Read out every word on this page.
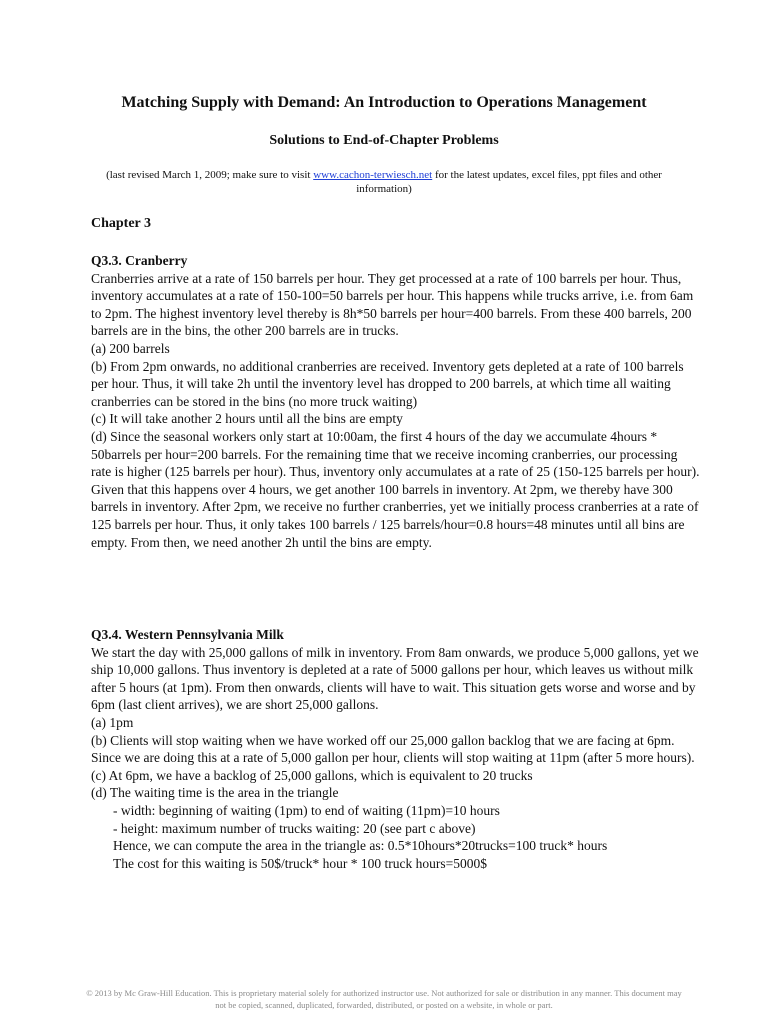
Matching Supply with Demand: An Introduction to Operations Management
Solutions to End-of-Chapter Problems
(last revised March 1, 2009; make sure to visit www.cachon-terwiesch.net for the latest updates, excel files, ppt files and other information)
Chapter 3
Q3.3. Cranberry

Cranberries arrive at a rate of 150 barrels per hour. They get processed at a rate of 100 barrels per hour. Thus, inventory accumulates at a rate of 150-100=50 barrels per hour. This happens while trucks arrive, i.e. from 6am to 2pm. The highest inventory level thereby is 8h*50 barrels per hour=400 barrels. From these 400 barrels, 200 barrels are in the bins, the other 200 barrels are in trucks.

(a) 200 barrels

(b) From 2pm onwards, no additional cranberries are received. Inventory gets depleted at a rate of 100 barrels per hour. Thus, it will take 2h until the inventory level has dropped to 200 barrels, at which time all waiting cranberries can be stored in the bins (no more truck waiting)

(c) It will take another 2 hours until all the bins are empty

(d) Since the seasonal workers only start at 10:00am, the first 4 hours of the day we accumulate 4hours * 50barrels per hour=200 barrels. For the remaining time that we receive incoming cranberries, our processing rate is higher (125 barrels per hour). Thus, inventory only accumulates at a rate of 25 (150-125 barrels per hour). Given that this happens over 4 hours, we get another 100 barrels in inventory. At 2pm, we thereby have 300 barrels in inventory. After 2pm, we receive no further cranberries, yet we initially process cranberries at a rate of 125 barrels per hour. Thus, it only takes 100 barrels / 125 barrels/hour=0.8 hours=48 minutes until all bins are empty. From then, we need another 2h until the bins are empty.

Q3.4. Western Pennsylvania Milk

We start the day with 25,000 gallons of milk in inventory. From 8am onwards, we produce 5,000 gallons, yet we ship 10,000 gallons. Thus inventory is depleted at a rate of 5000 gallons per hour, which leaves us without milk after 5 hours (at 1pm). From then onwards, clients will have to wait. This situation gets worse and worse and by 6pm (last client arrives), we are short 25,000 gallons.

(a) 1pm

(b) Clients will stop waiting when we have worked off our 25,000 gallon backlog that we are facing at 6pm. Since we are doing this at a rate of 5,000 gallon per hour, clients will stop waiting at 11pm (after 5 more hours).

(c) At 6pm, we have a backlog of 25,000 gallons, which is equivalent to 20 trucks

(d) The waiting time is the area in the triangle

- width: beginning of waiting (1pm) to end of waiting (11pm)=10 hours

- height: maximum number of trucks waiting: 20 (see part c above)

Hence, we can compute the area in the triangle as: 0.5*10hours*20trucks=100 truck* hours

The cost for this waiting is 50$/truck* hour * 100 truck hours=5000$

© 2013 by Mc Graw-Hill Education. This is proprietary material solely for authorized instructor use. Not authorized for sale or distribution in any manner. This document may not be copied, scanned, duplicated, forwarded, distributed, or posted on a website, in whole or part.
